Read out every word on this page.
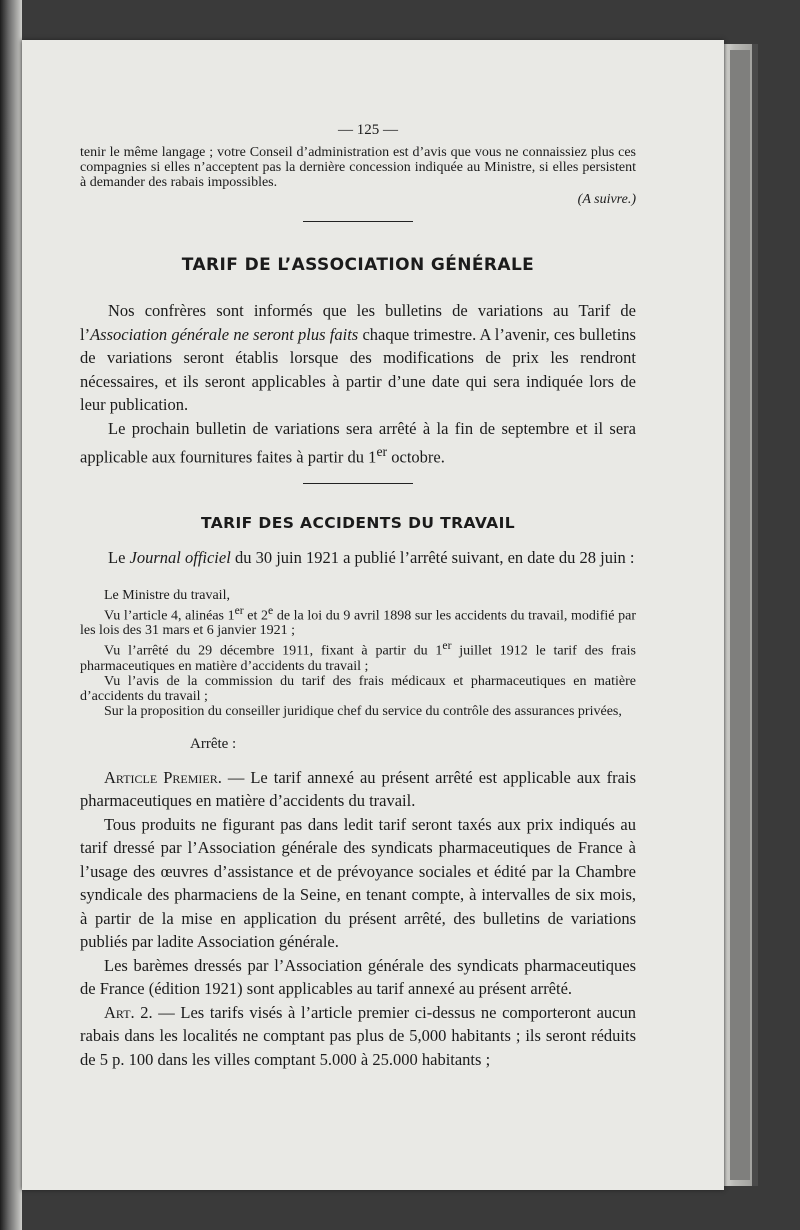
— 125 —

tenir le même langage ; votre Conseil d’administration est d’avis que vous ne connaissiez plus ces compagnies si elles n’acceptent pas la dernière concession indiquée au Ministre, si elles persistent à demander des rabais impossibles.

(A suivre.)
TARIF DE L’ASSOCIATION GÉNÉRALE

Nos confrères sont informés que les bulletins de variations au Tarif de l’Association générale ne seront plus faits chaque trimestre. A l’avenir, ces bulletins de variations seront établis lorsque des modifications de prix les rendront nécessaires, et ils seront applicables à partir d’une date qui sera indiquée lors de leur publication.

Le prochain bulletin de variations sera arrêté à la fin de septembre et il sera applicable aux fournitures faites à partir du 1er octobre.

TARIF DES ACCIDENTS DU TRAVAIL

Le Journal officiel du 30 juin 1921 a publié l’arrêté suivant, en date du 28 juin :

Le Ministre du travail,

Vu l’article 4, alinéas 1er et 2e de la loi du 9 avril 1898 sur les accidents du travail, modifié par les lois des 31 mars et 6 janvier 1921 ;

Vu l’arrêté du 29 décembre 1911, fixant à partir du 1er juillet 1912 le tarif des frais pharmaceutiques en matière d’accidents du travail ;

Vu l’avis de la commission du tarif des frais médicaux et pharmaceutiques en matière d’accidents du travail ;

Sur la proposition du conseiller juridique chef du service du contrôle des assurances privées,

Arrête :

Article Premier. — Le tarif annexé au présent arrêté est applicable aux frais pharmaceutiques en matière d’accidents du travail.

Tous produits ne figurant pas dans ledit tarif seront taxés aux prix indiqués au tarif dressé par l’Association générale des syndicats pharmaceutiques de France à l’usage des œuvres d’assistance et de prévoyance sociales et édité par la Chambre syndicale des pharmaciens de la Seine, en tenant compte, à intervalles de six mois, à partir de la mise en application du présent arrêté, des bulletins de variations publiés par ladite Association générale.

Les barèmes dressés par l’Association générale des syndicats pharmaceutiques de France (édition 1921) sont applicables au tarif annexé au présent arrêté.

Art. 2. — Les tarifs visés à l’article premier ci-dessus ne comporteront aucun rabais dans les localités ne comptant pas plus de 5,000 habitants ; ils seront réduits de 5 p. 100 dans les villes comptant 5.000 à 25.000 habitants ;
